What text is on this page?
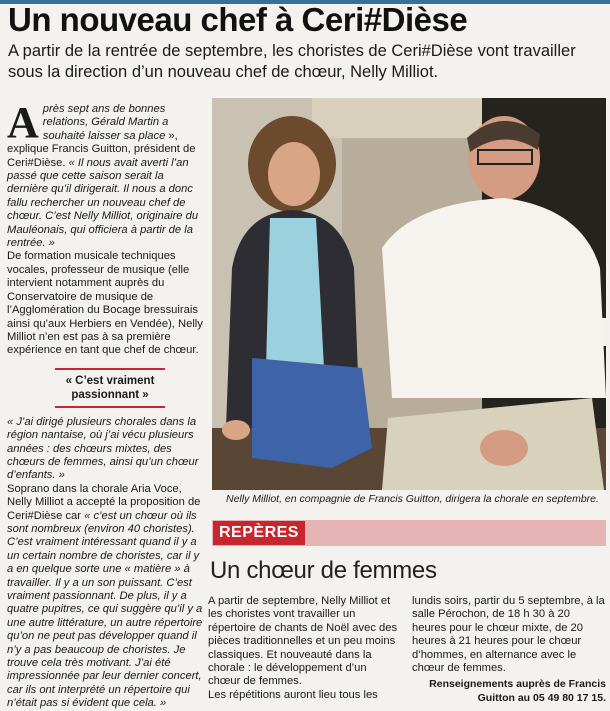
Un nouveau chef à Ceri#Dièse
A partir de la rentrée de septembre, les choristes de Ceri#Dièse vont travailler sous la direction d’un nouveau chef de chœur, Nelly Milliot.

Après sept ans de bonnes relations, Gérald Martin a souhaité laisser sa place », explique Francis Guitton, président de Ceri#Dièse. « Il nous avait averti l’an passé que cette saison serait la dernière qu’il dirigerait. Il nous a donc fallu rechercher un nouveau chef de chœur. C’est Nelly Milliot, originaire du Mauléonais, qui officiera à partir de la rentrée. »

De formation musicale techniques vocales, professeur de musique (elle intervient notamment auprès du Conservatoire de musique de l’Agglomération du Bocage bressuirais ainsi qu’aux Herbiers en Vendée), Nelly Milliot n’en est pas à sa première expérience en tant que chef de chœur.

« C’est vraiment passionnant »

« J’ai dirigé plusieurs chorales dans la région nantaise, où j’ai vécu plusieurs années : des chœurs mixtes, des chœurs de femmes, ainsi qu’un chœur d’enfants. »

Soprano dans la chorale Aria Voce, Nelly Milliot a accepté la proposition de Ceri#Dièse car « c’est un chœur où ils sont nombreux (environ 40 choristes). C’est vraiment intéressant quand il y a un certain nombre de choristes, car il y a en quelque sorte une « matière » à travailler. Il y a un son puissant. C’est vraiment passionnant. De plus, il y a quatre pupitres, ce qui suggère qu’il y a une autre littérature, un autre répertoire qu’on ne peut pas développer quand il n’y a pas beaucoup de choristes. Je trouve cela très motivant. J’ai été impressionnée par leur dernier concert, car ils ont interprété un répertoire qui n’était pas si évident que cela. »

Nelly Milliot, en compagnie de Francis Guitton, dirigera la chorale en septembre.
REPÈRES
Un chœur de femmes

A partir de septembre, Nelly Milliot et les choristes vont travailler un répertoire de chants de Noël avec des pièces traditionnelles et un peu moins classiques. Et nouveauté dans la chorale : le développement d’un chœur de femmes.

Les répétitions auront lieu tous les

lundis soirs, partir du 5 septembre, à la salle Pérochon, de 18 h 30 à 20 heures pour le chœur mixte, de 20 heures à 21 heures pour le chœur d’hommes, en alternance avec le chœur de femmes.

Renseignements auprès de Francis

Guitton au 05 49 80 17 15.
